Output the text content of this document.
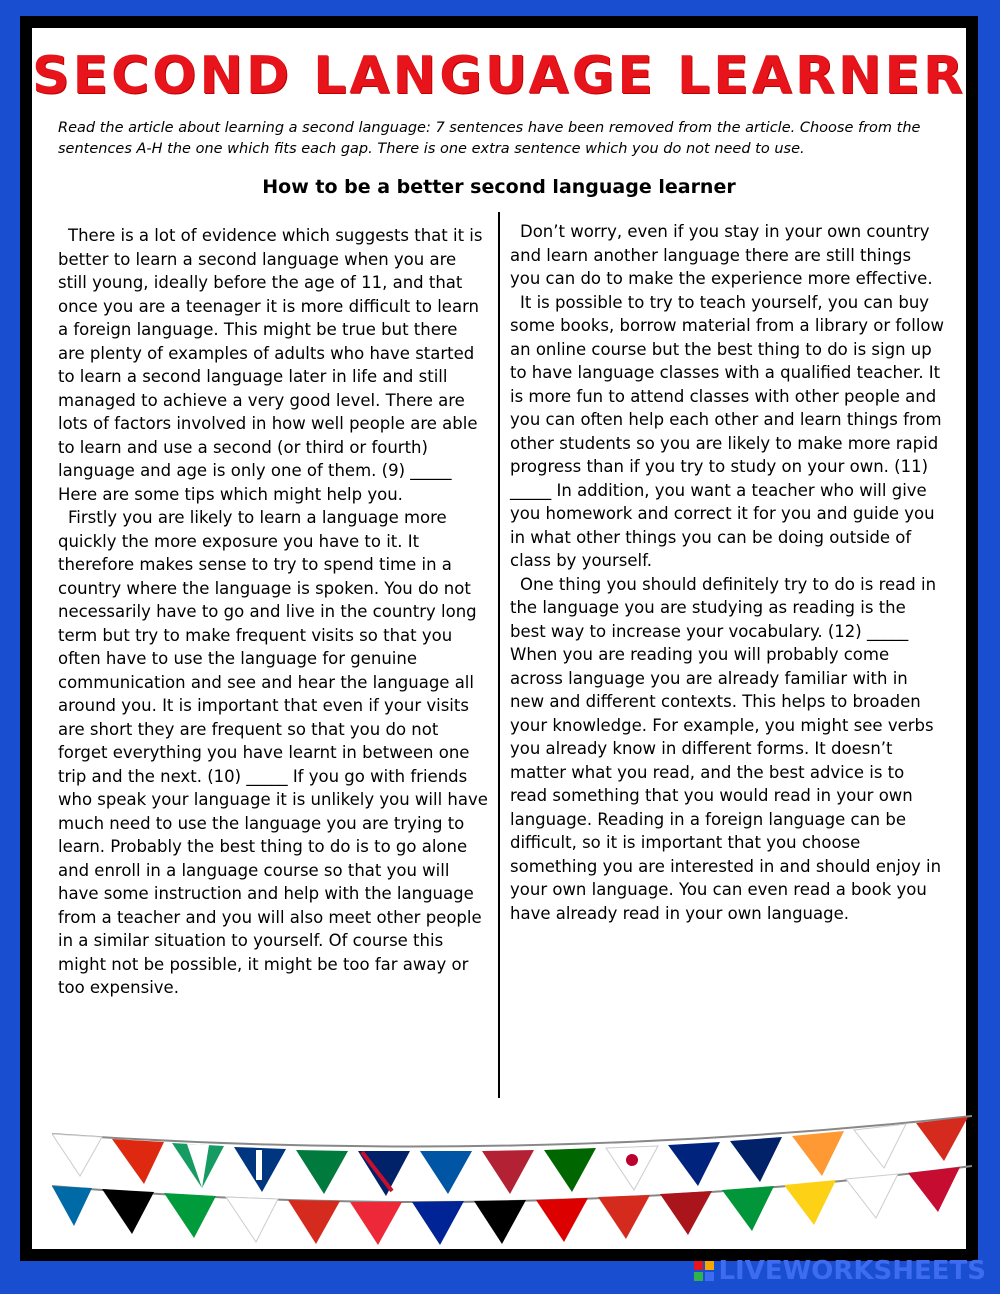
SECOND LANGUAGE LEARNER
Read the article about learning a second language: 7 sentences have been removed from the article. Choose from the sentences A-H the one which fits each gap. There is one extra sentence which you do not need to use.
How to be a better second language learner

There is a lot of evidence which suggests that it is better to learn a second language when you are still young, ideally before the age of 11, and that once you are a teenager it is more difficult to learn a foreign language. This might be true but there are plenty of examples of adults who have started to learn a second language later in life and still managed to achieve a very good level. There are lots of factors involved in how well people are able to learn and use a second (or third or fourth) language and age is only one of them. (9) _____ Here are some tips which might help you.

Firstly you are likely to learn a language more quickly the more exposure you have to it. It therefore makes sense to try to spend time in a country where the language is spoken. You do not necessarily have to go and live in the country long term but try to make frequent visits so that you often have to use the language for genuine communication and see and hear the language all around you. It is important that even if your visits are short they are frequent so that you do not forget everything you have learnt in between one trip and the next. (10) _____ If you go with friends who speak your language it is unlikely you will have much need to use the language you are trying to learn. Probably the best thing to do is to go alone and enroll in a language course so that you will have some instruction and help with the language from a teacher and you will also meet other people in a similar situation to yourself. Of course this might not be possible, it might be too far away or too expensive.

Don’t worry, even if you stay in your own country and learn another language there are still things you can do to make the experience more effective.

It is possible to try to teach yourself, you can buy some books, borrow material from a library or follow an online course but the best thing to do is sign up to have language classes with a qualified teacher. It is more fun to attend classes with other people and you can often help each other and learn things from other students so you are likely to make more rapid progress than if you try to study on your own. (11) _____ In addition, you want a teacher who will give you homework and correct it for you and guide you in what other things you can be doing outside of class by yourself.

One thing you should definitely try to do is read in the language you are studying as reading is the best way to increase your vocabulary. (12) _____ When you are reading you will probably come across language you are already familiar with in new and different contexts. This helps to broaden your knowledge. For example, you might see verbs you already know in different forms. It doesn’t matter what you read, and the best advice is to read something that you would read in your own language. Reading in a foreign language can be difficult, so it is important that you choose something you are interested in and should enjoy in your own language. You can even read a book you have already read in your own language.

LIVEWORKSHEETS
